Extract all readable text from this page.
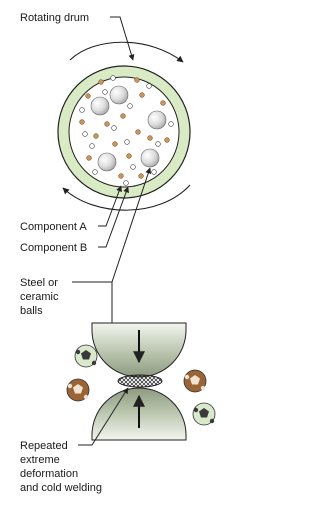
Rotating drum
Component A
Component B
Steel or ceramic balls
Repeated extreme deformation and cold welding
